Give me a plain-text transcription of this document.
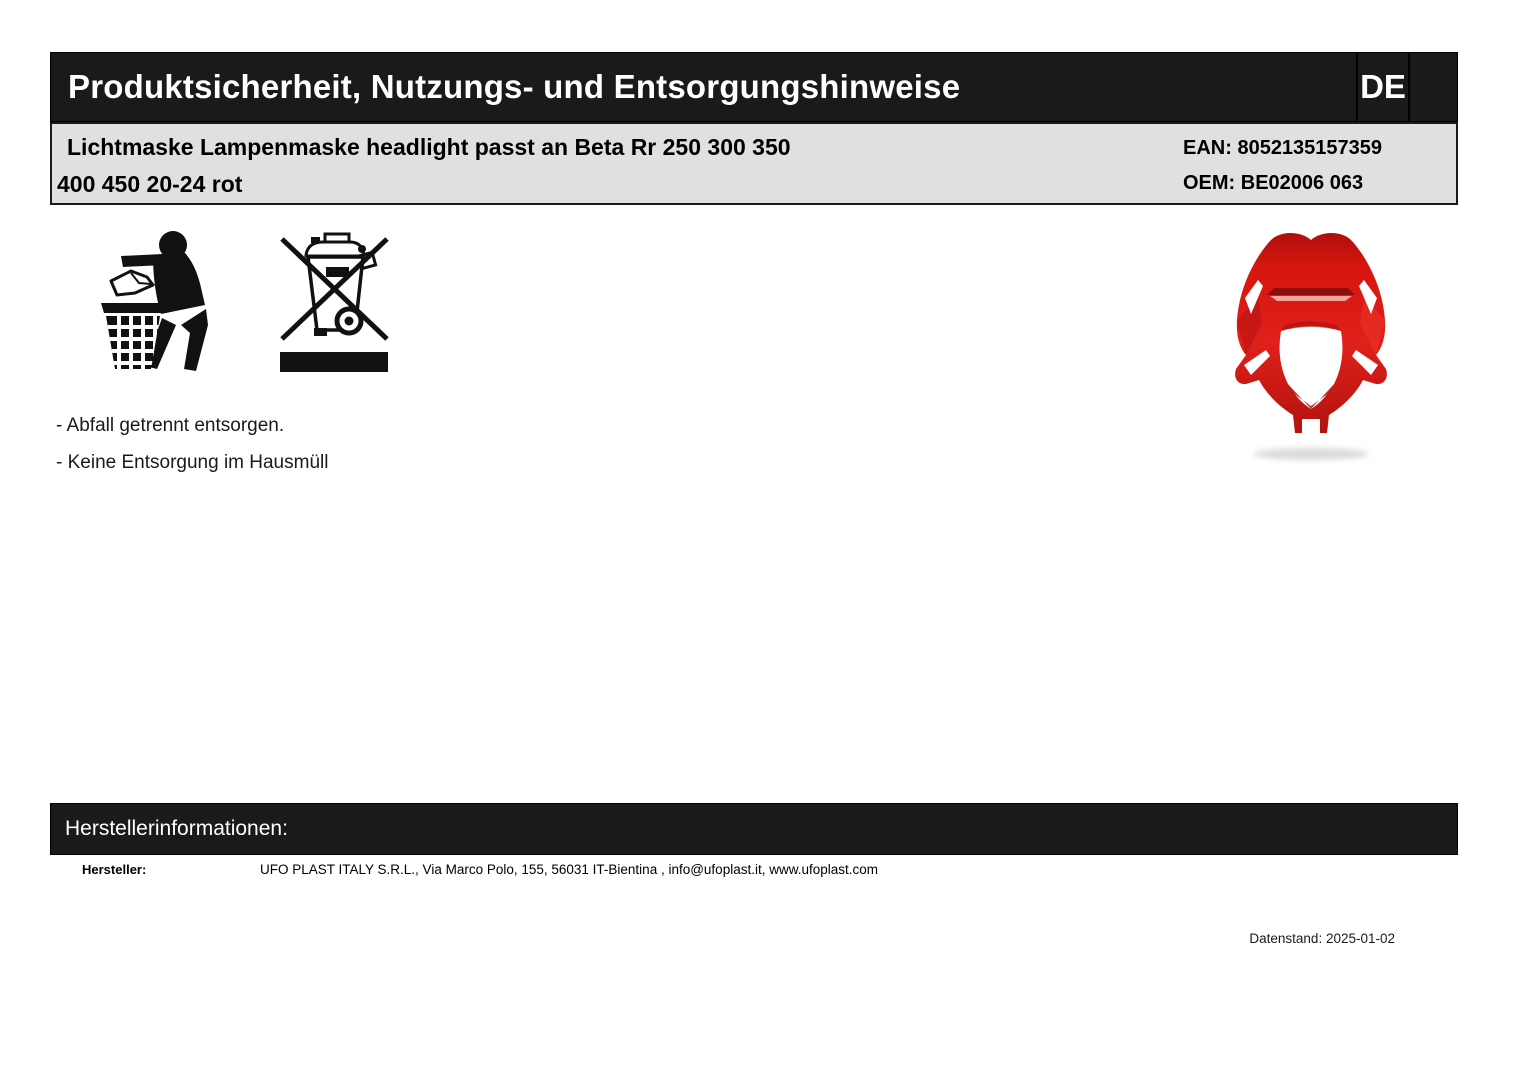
Produktsicherheit, Nutzungs- und Entsorgungshinweise	DE
Lichtmaske Lampenmaske headlight passt an Beta Rr 250 300 350
400 450 20-24 rot
EAN: 8052135157359
OEM: BE02006 063
- Abfall getrennt entsorgen.
- Keine Entsorgung im Hausmüll
Herstellerinformationen:
Hersteller:	UFO PLAST ITALY S.R.L., Via Marco Polo, 155, 56031 IT-Bientina , info@ufoplast.it, www.ufoplast.com
Datenstand: 2025-01-02
